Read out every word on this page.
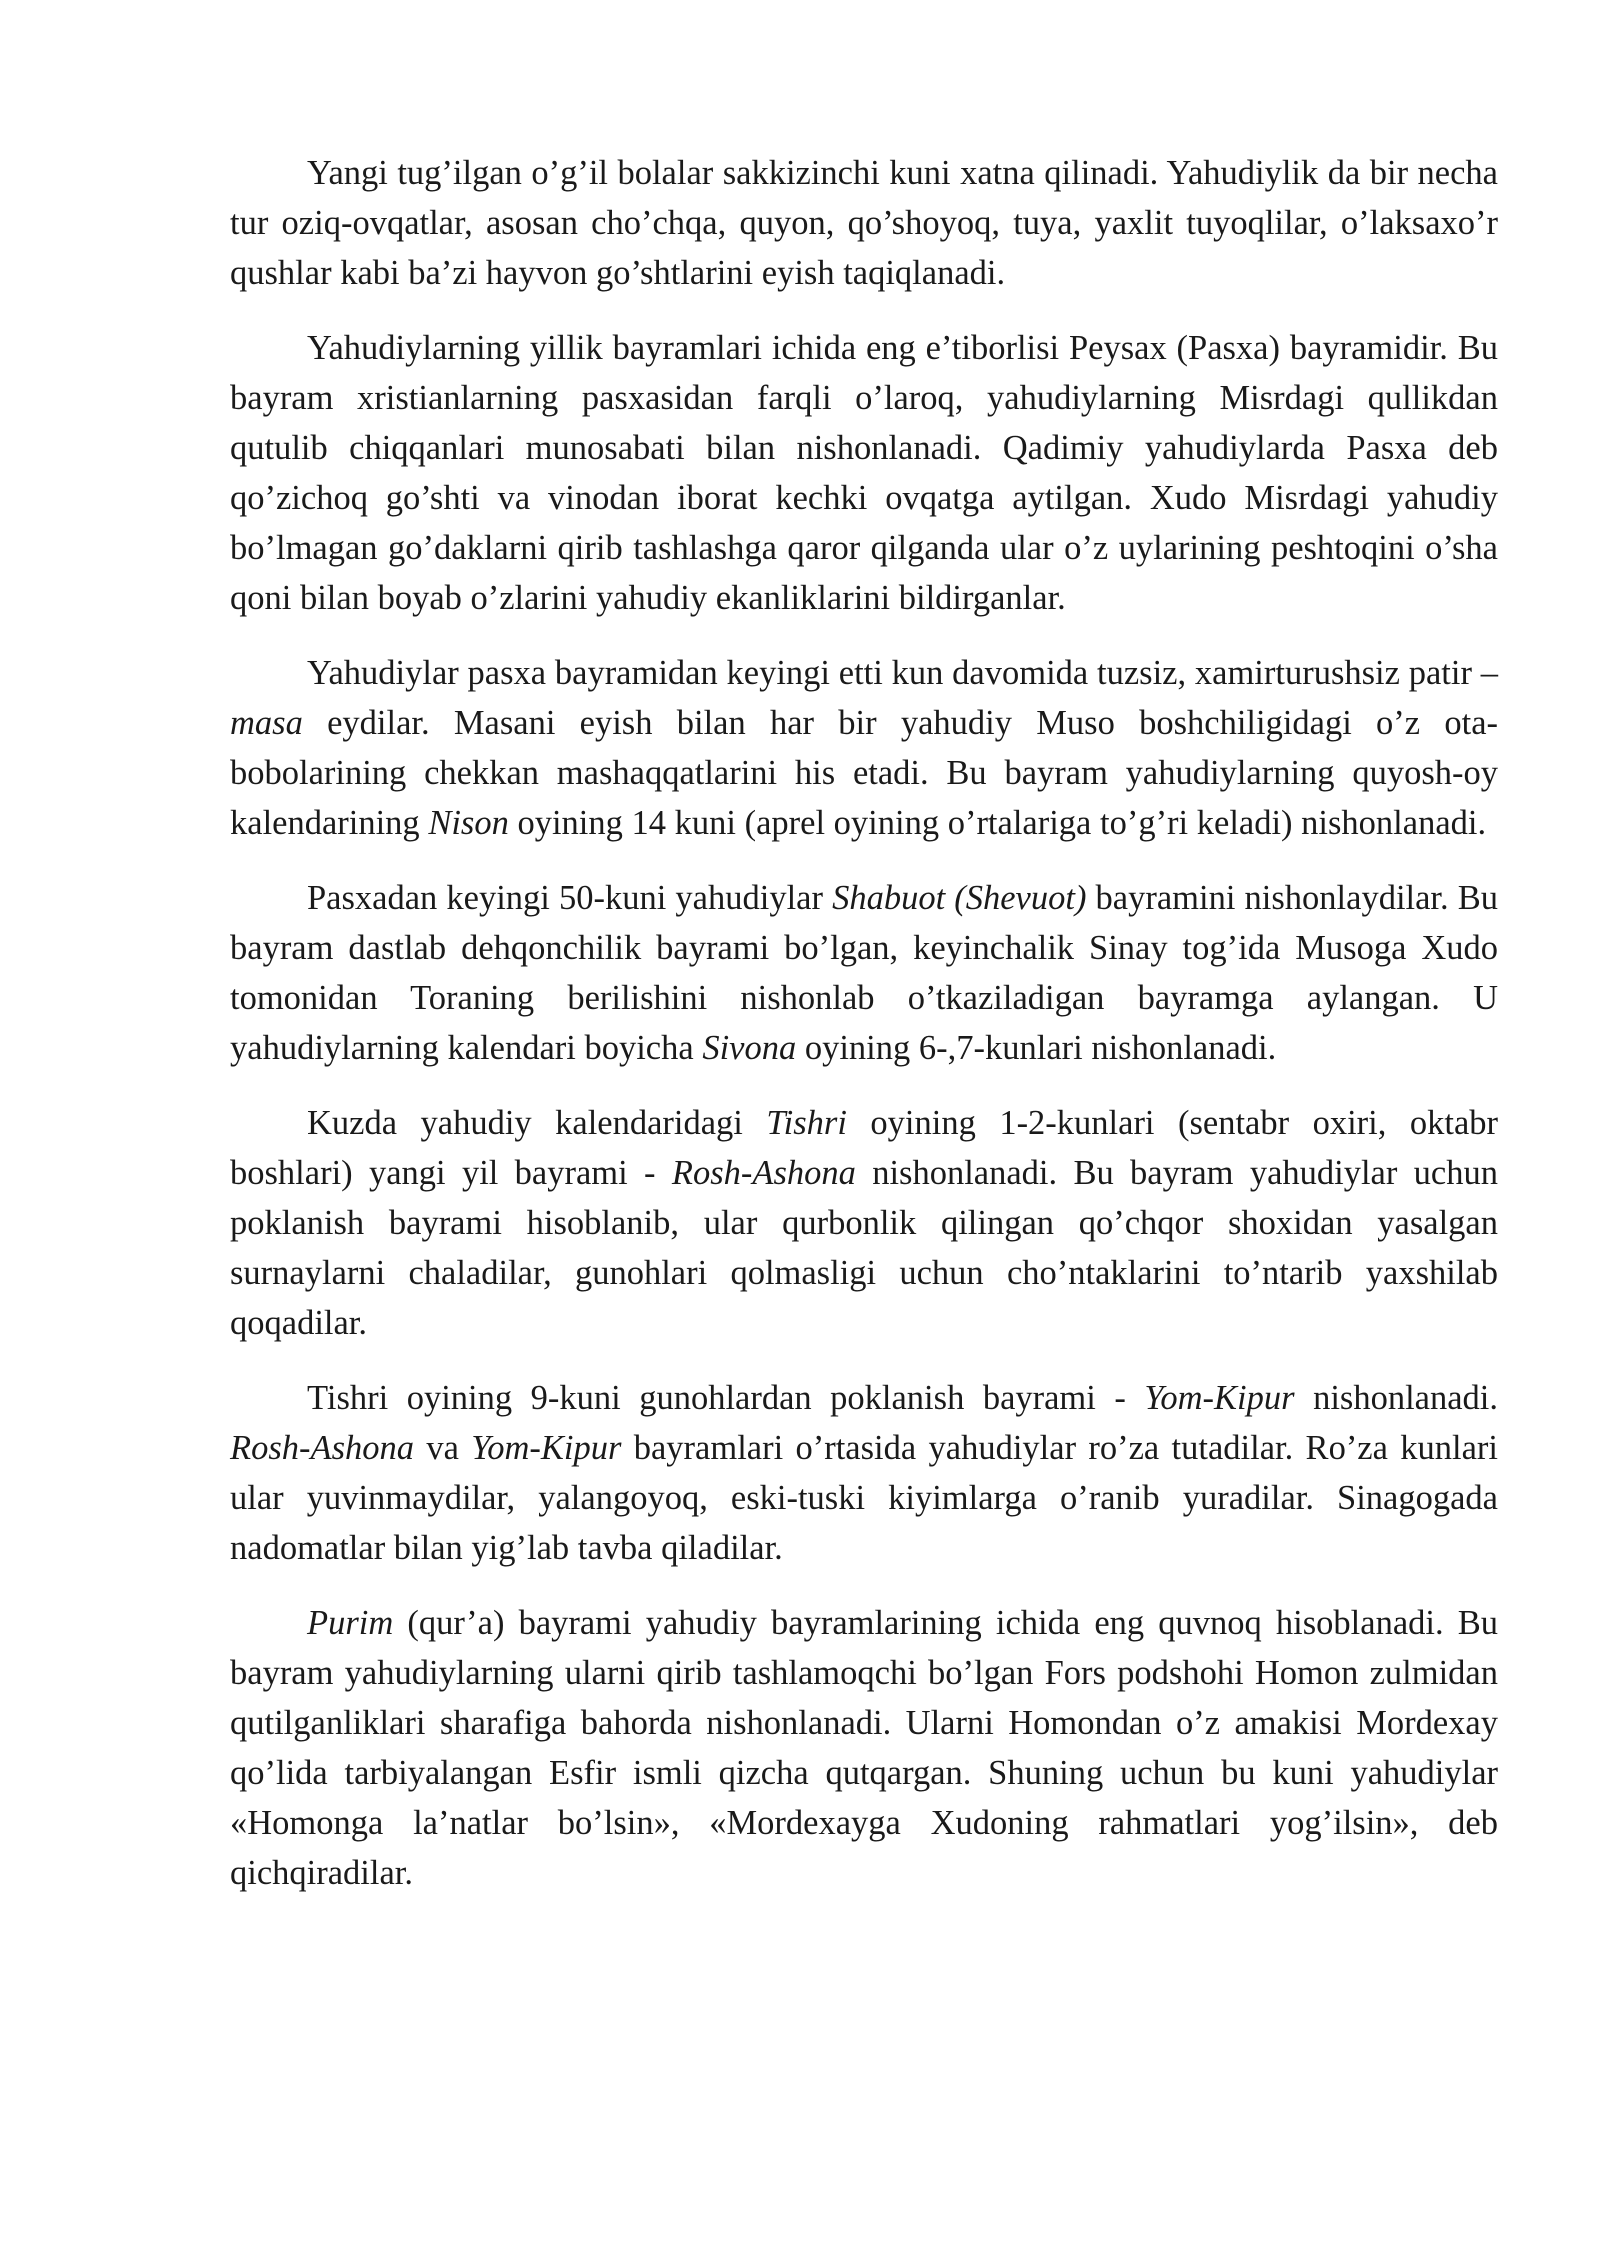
Yangi tug’ilgan o’g’il bolalar sakkizinchi kuni xatna qilinadi. Yahudiylik da bir necha tur oziq-ovqatlar, asosan cho’chqa, quyon, qo’shoyoq, tuya, yaxlit tuyoqlilar, o’laksaxo’r qushlar kabi ba’zi hayvon go’shtlarini eyish taqiqlanadi.

Yahudiylarning yillik bayramlari ichida eng e’tiborlisi Peysax (Pasxa) bayramidir. Bu bayram xristianlarning pasxasidan farqli o’laroq, yahudiylarning Misrdagi qullikdan qutulib chiqqanlari munosabati bilan nishonlanadi. Qadimiy yahudiylarda Pasxa deb qo’zichoq go’shti va vinodan iborat kechki ovqatga aytilgan. Xudo Misrdagi yahudiy bo’lmagan go’daklarni qirib tashlashga qaror qilganda ular o’z uylarining peshtoqini o’sha qoni bilan boyab o’zlarini yahudiy ekanliklarini bildirganlar.

Yahudiylar pasxa bayramidan keyingi etti kun davomida tuzsiz, xamirturushsiz patir – masa eydilar. Masani eyish bilan har bir yahudiy Muso boshchiligidagi o’z ota-bobolarining chekkan mashaqqatlarini his etadi. Bu bayram yahudiylarning quyosh-oy kalendarining Nison oyining 14 kuni (aprel oyining o’rtalariga to’g’ri keladi) nishonlanadi.

Pasxadan keyingi 50-kuni yahudiylar Shabuot (Shevuot) bayramini nishonlaydilar. Bu bayram dastlab dehqonchilik bayrami bo’lgan, keyinchalik Sinay tog’ida Musoga Xudo tomonidan Toraning berilishini nishonlab o’tkaziladigan bayramga aylangan. U yahudiylarning kalendari boyicha Sivona oyining 6-,7-kunlari nishonlanadi.

Kuzda yahudiy kalendaridagi Tishri oyining 1-2-kunlari (sentabr oxiri, oktabr boshlari) yangi yil bayrami - Rosh-Ashona nishonlanadi. Bu bayram yahudiylar uchun poklanish bayrami hisoblanib, ular qurbonlik qilingan qo’chqor shoxidan yasalgan surnaylarni chaladilar, gunohlari qolmasligi uchun cho’ntaklarini to’ntarib yaxshilab qoqadilar.

Tishri oyining 9-kuni gunohlardan poklanish bayrami - Yom-Kipur nishonlanadi. Rosh-Ashona va Yom-Kipur bayramlari o’rtasida yahudiylar ro’za tutadilar. Ro’za kunlari ular yuvinmaydilar, yalangoyoq, eski-tuski kiyimlarga o’ranib yuradilar. Sinagogada nadomatlar bilan yig’lab tavba qiladilar.

Purim (qur’a) bayrami yahudiy bayramlarining ichida eng quvnoq hisoblanadi. Bu bayram yahudiylarning ularni qirib tashlamoqchi bo’lgan Fors podshohi Homon zulmidan qutilganliklari sharafiga bahorda nishonlanadi. Ularni Homondan o’z amakisi Mordexay qo’lida tarbiyalangan Esfir ismli qizcha qutqargan. Shuning uchun bu kuni yahudiylar «Homonga la’natlar bo’lsin», «Mordexayga Xudoning rahmatlari yog’ilsin», deb qichqiradilar.
